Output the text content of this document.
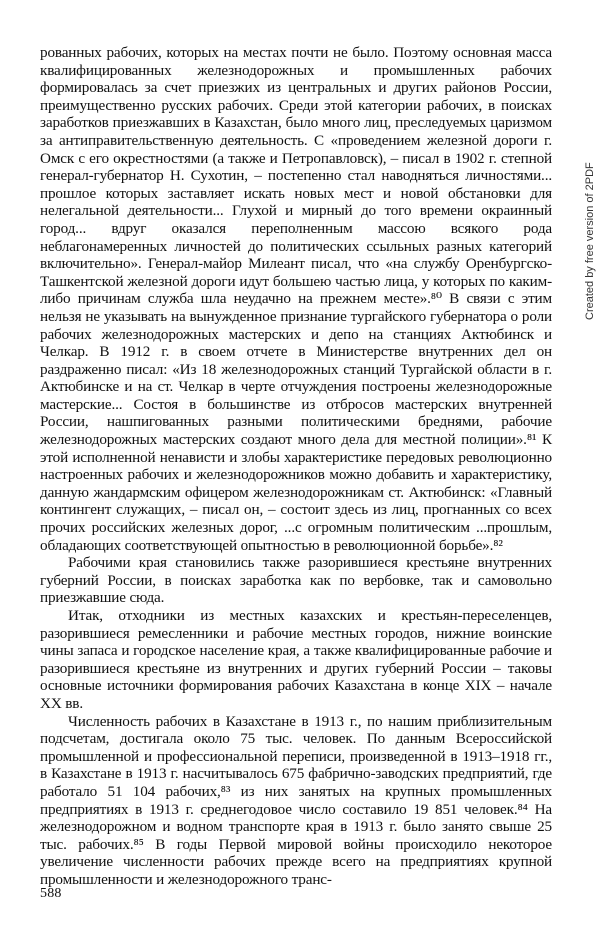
рованных рабочих, которых на местах почти не было. Поэтому основная масса квалифицированных железнодорожных и промышленных рабочих формировалась за счет приезжих из центральных и других районов России, преимущественно русских рабочих. Среди этой категории рабочих, в поисках заработков приезжавших в Казахстан, было много лиц, преследуемых царизмом за антиправительственную деятельность. С «проведением железной дороги г. Омск с его окрестностями (а также и Петропавловск), – писал в 1902 г. степной генерал-губернатор Н. Сухотин, – постепенно стал наводняться личностями... прошлое которых заставляет искать новых мест и новой обстановки для нелегальной деятельности... Глухой и мирный до того времени окраинный город... вдруг оказался переполненным массою всякого рода неблагонамеренных личностей до политических ссыльных разных категорий включительно». Генерал-майор Милеант писал, что «на службу Оренбургско-Ташкентской железной дороги идут большею частью лица, у которых по каким-либо причинам служба шла неудачно на прежнем месте».⁸⁰ В связи с этим нельзя не указывать на вынужденное признание тургайского губернатора о роли рабочих железнодорожных мастерских и депо на станциях Актюбинск и Челкар. В 1912 г. в своем отчете в Министерстве внутренних дел он раздраженно писал: «Из 18 железнодорожных станций Тургайской области в г. Актюбинске и на ст. Челкар в черте отчуждения построены железнодорожные мастерские... Состоя в большинстве из отбросов мастерских внутренней России, нашпигованных разными политическими бреднями, рабочие железнодорожных мастерских создают много дела для местной полиции».⁸¹ К этой исполненной ненависти и злобы характеристике передовых революционно настроенных рабочих и железнодорожников можно добавить и характеристику, данную жандармским офицером железнодорожникам ст. Актюбинск: «Главный контингент служащих, – писал он, – состоит здесь из лиц, прогнанных со всех прочих российских железных дорог, ...с огромным политическим ...прошлым, обладающих соответствующей опытностью в революционной борьбе».⁸²

Рабочими края становились также разорившиеся крестьяне внутренних губерний России, в поисках заработка как по вербовке, так и самовольно приезжавшие сюда.

Итак, отходники из местных казахских и крестьян-переселенцев, разорившиеся ремесленники и рабочие местных городов, нижние воинские чины запаса и городское население края, а также квалифицированные рабочие и разорившиеся крестьяне из внутренних и других губерний России – таковы основные источники формирования рабочих Казахстана в конце XIX – начале XX вв.

Численность рабочих в Казахстане в 1913 г., по нашим приблизительным подсчетам, достигала около 75 тыс. человек. По данным Всероссийской промышленной и профессиональной переписи, произведенной в 1913–1918 гг., в Казахстане в 1913 г. насчитывалось 675 фабрично-заводских предприятий, где работало 51 104 рабочих,⁸³ из них занятых на крупных промышленных предприятиях в 1913 г. среднегодовое число составило 19 851 человек.⁸⁴ На железнодорожном и водном транспорте края в 1913 г. было занято свыше 25 тыс. рабочих.⁸⁵ В годы Первой мировой войны происходило некоторое увеличение численности рабочих прежде всего на предприятиях крупной промышленности и железнодорожного транс-

588
Created by free version of 2PDF
